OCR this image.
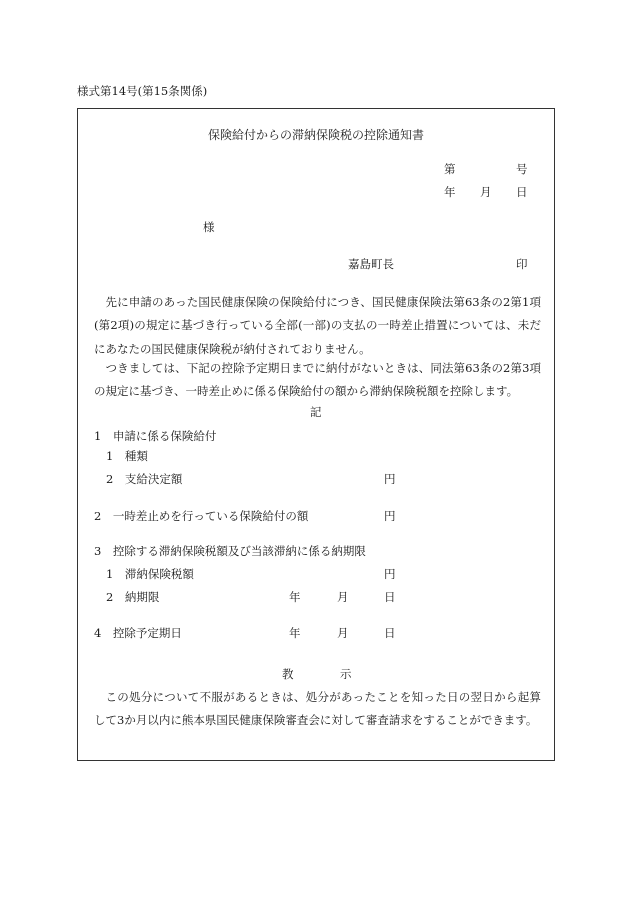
様式第14号(第15条関係)
保険給付からの滞納保険税の控除通知書
第	号
年 月 日
様
嘉島町長	印
先に申請のあった国民健康保険の保険給付につき、国民健康保険法第63条の2第1項(第2項)の規定に基づき行っている全部(一部)の支払の一時差止措置については、未だにあなたの国民健康保険税が納付されておりません。
つきましては、下記の控除予定期日までに納付がないときは、同法第63条の2第3項の規定に基づき、一時差止めに係る保険給付の額から滞納保険税額を控除します。
記
1　申請に係る保険給付
1　種類
2　支給決定額	円
2　一時差止めを行っている保険給付の額	円
3　控除する滞納保険税額及び当該滞納に係る納期限
1　滞納保険税額	円
2　納期限	年	月	日
4　控除予定期日	年	月	日
教	示
この処分について不服があるときは、処分があったことを知った日の翌日から起算して3か月以内に熊本県国民健康保険審査会に対して審査請求をすることができます。
